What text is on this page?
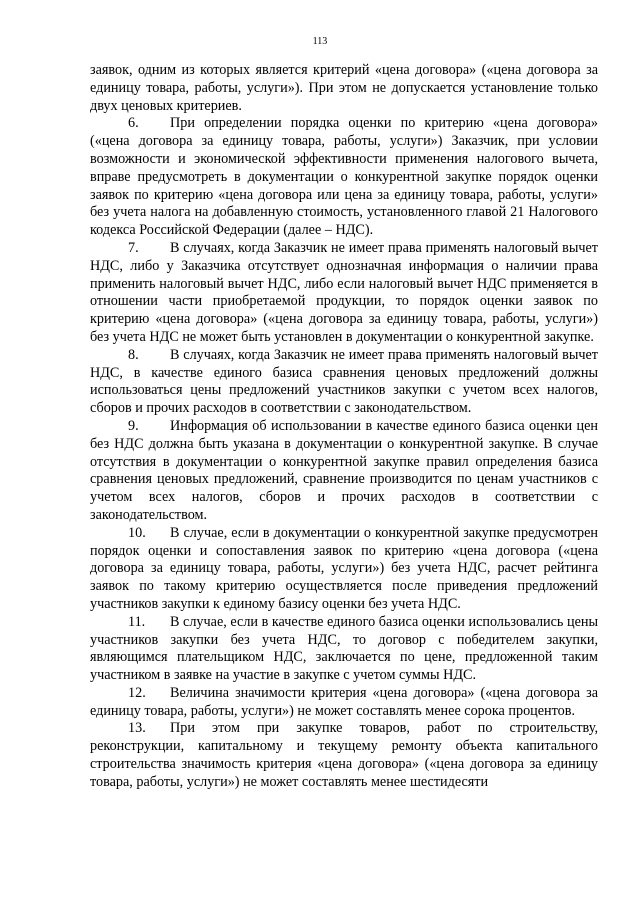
113

заявок, одним из которых является критерий «цена договора» («цена договора за единицу товара, работы, услуги»). При этом не допускается установление только двух ценовых критериев.

6. При определении порядка оценки по критерию «цена договора» («цена договора за единицу товара, работы, услуги») Заказчик, при условии возможности и экономической эффективности применения налогового вычета, вправе предусмотреть в документации о конкурентной закупке порядок оценки заявок по критерию «цена договора или цена за единицу товара, работы, услуги» без учета налога на добавленную стоимость, установленного главой 21 Налогового кодекса Российской Федерации (далее – НДС).

7. В случаях, когда Заказчик не имеет права применять налоговый вычет НДС, либо у Заказчика отсутствует однозначная информация о наличии права применить налоговый вычет НДС, либо если налоговый вычет НДС применяется в отношении части приобретаемой продукции, то порядок оценки заявок по критерию «цена договора» («цена договора за единицу товара, работы, услуги») без учета НДС не может быть установлен в документации о конкурентной закупке.

8. В случаях, когда Заказчик не имеет права применять налоговый вычет НДС, в качестве единого базиса сравнения ценовых предложений должны использоваться цены предложений участников закупки с учетом всех налогов, сборов и прочих расходов в соответствии с законодательством.

9. Информация об использовании в качестве единого базиса оценки цен без НДС должна быть указана в документации о конкурентной закупке. В случае отсутствия в документации о конкурентной закупке правил определения базиса сравнения ценовых предложений, сравнение производится по ценам участников с учетом всех налогов, сборов и прочих расходов в соответствии с законодательством.

10. В случае, если в документации о конкурентной закупке предусмотрен порядок оценки и сопоставления заявок по критерию «цена договора («цена договора за единицу товара, работы, услуги») без учета НДС, расчет рейтинга заявок по такому критерию осуществляется после приведения предложений участников закупки к единому базису оценки без учета НДС.

11. В случае, если в качестве единого базиса оценки использовались цены участников закупки без учета НДС, то договор с победителем закупки, являющимся плательщиком НДС, заключается по цене, предложенной таким участником в заявке на участие в закупке с учетом суммы НДС.

12. Величина значимости критерия «цена договора» («цена договора за единицу товара, работы, услуги») не может составлять менее сорока процентов.

13. При этом при закупке товаров, работ по строительству, реконструкции, капитальному и текущему ремонту объекта капитального строительства значимость критерия «цена договора» («цена договора за единицу товара, работы, услуги») не может составлять менее шестидесяти
